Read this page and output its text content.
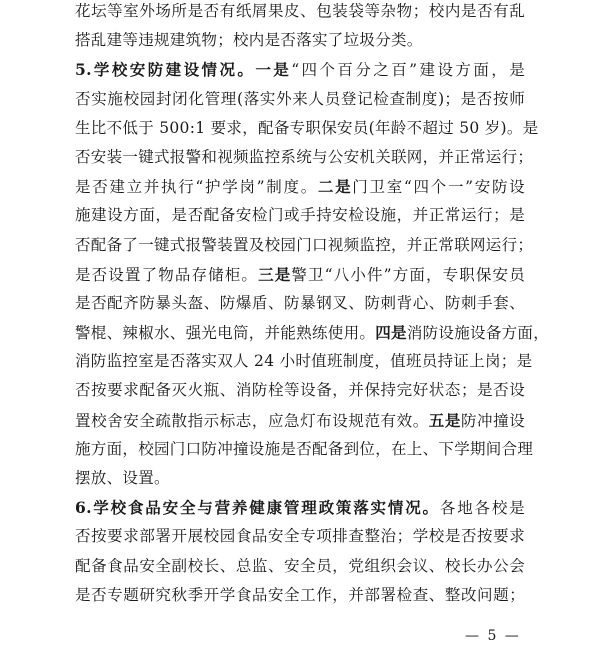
花坛等室外场所是否有纸屑果皮、包装袋等杂物；校内是否有乱
搭乱建等违规建筑物；校内是否落实了垃圾分类。
5.学校安防建设情况。一是“四个百分之百”建设方面，是
否实施校园封闭化管理(落实外来人员登记检查制度)；是否按师
生比不低于 500:1 要求，配备专职保安员(年龄不超过 50 岁)。是
否安装一键式报警和视频监控系统与公安机关联网，并正常运行；
是否建立并执行“护学岗”制度。二是门卫室“四个一”安防设
施建设方面，是否配备安检门或手持安检设施，并正常运行；是
否配备了一键式报警装置及校园门口视频监控，并正常联网运行；
是否设置了物品存储柜。三是警卫“八小件”方面，专职保安员
是否配齐防暴头盔、防爆盾、防暴钢叉、防刺背心、防刺手套、
警棍、辣椒水、强光电筒，并能熟练使用。四是消防设施设备方面，
消防监控室是否落实双人 24 小时值班制度，值班员持证上岗；是
否按要求配备灭火瓶、消防栓等设备，并保持完好状态；是否设
置校舍安全疏散指示标志，应急灯布设规范有效。五是防冲撞设
施方面，校园门口防冲撞设施是否配备到位，在上、下学期间合理
摆放、设置。
6.学校食品安全与营养健康管理政策落实情况。各地各校是
否按要求部署开展校园食品安全专项排查整治；学校是否按要求
配备食品安全副校长、总监、安全员，党组织会议、校长办公会
是否专题研究秋季开学食品安全工作，并部署检查、整改问题；
— 5 —
